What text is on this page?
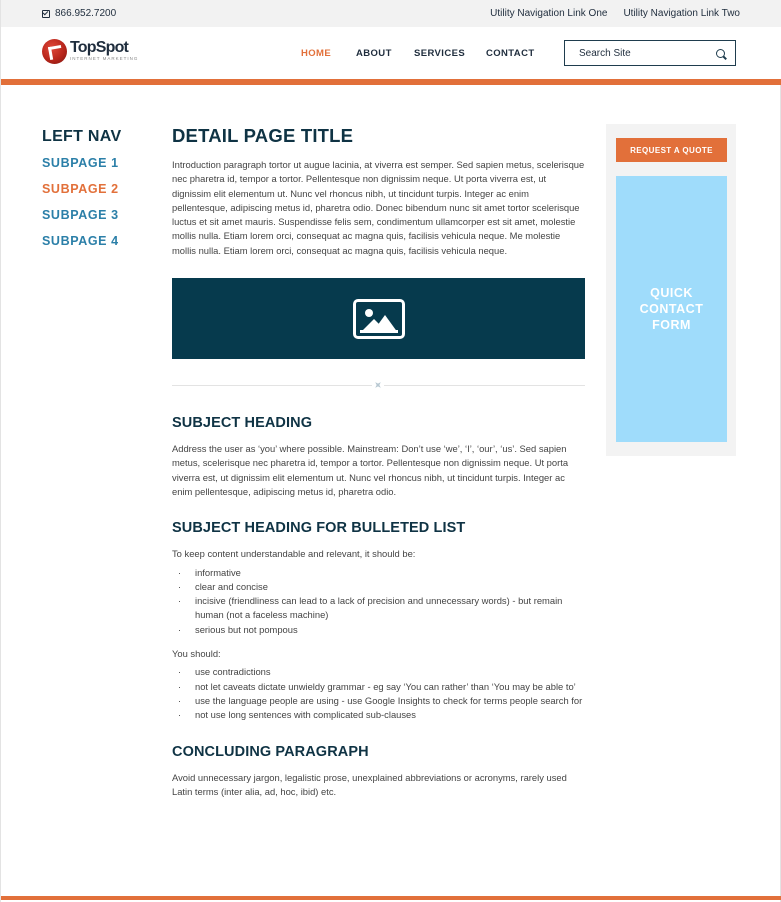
866.952.7200	Utility Navigation Link One Utility Navigation Link Two
TopSpot
INTERNET MARKETING	HOME	ABOUT SERVICES CONTACT
Search Site
LEFT NAV
SUBPAGE 1
SUBPAGE 2
SUBPAGE 3
SUBPAGE 4
DETAIL PAGE TITLE

Introduction paragraph tortor ut augue lacinia, at viverra est semper. Sed sapien metus, scelerisque nec pharetra id, tempor a tortor. Pellentesque non dignissim neque. Ut porta viverra est, ut dignissim elit elementum ut. Nunc vel rhoncus nibh, ut tincidunt turpis. Integer ac enim pellentesque, adipiscing metus id, pharetra odio. Donec bibendum nunc sit amet tortor scelerisque luctus et sit amet mauris. Suspendisse felis sem, condimentum ullamcorper est sit amet, molestie mollis nulla. Etiam lorem orci, consequat ac magna quis, facilisis vehicula neque. Me molestie mollis nulla. Etiam lorem orci, consequat ac magna quis, facilisis vehicula neque.

SUBJECT HEADING

Address the user as ‘you’ where possible. Mainstream: Don’t use ‘we’, ‘I’, ‘our’, ‘us’. Sed sapien metus, scelerisque nec pharetra id, tempor a tortor. Pellentesque non dignissim neque. Ut porta viverra est, ut dignissim elit elementum ut. Nunc vel rhoncus nibh, ut tincidunt turpis. Integer ac enim pellentesque, adipiscing metus id, pharetra odio.

SUBJECT HEADING FOR BULLETED LIST

To keep content understandable and relevant, it should be:

· informative
· clear and concise
· incisive (friendliness can lead to a lack of precision and unnecessary words) - but remain human (not a faceless machine)
· serious but not pompous

You should:

· use contradictions
· not let caveats dictate unwieldy grammar - eg say ‘You can rather’ than ‘You may be able to’
· use the language people are using - use Google Insights to check for terms people search for
· not use long sentences with complicated sub-clauses
CONCLUDING PARAGRAPH

Avoid unnecessary jargon, legalistic prose, unexplained abbreviations or acronyms, rarely used Latin terms (inter alia, ad, hoc, ibid) etc.

REQUEST A QUOTE
QUICK CONTACT FORM
